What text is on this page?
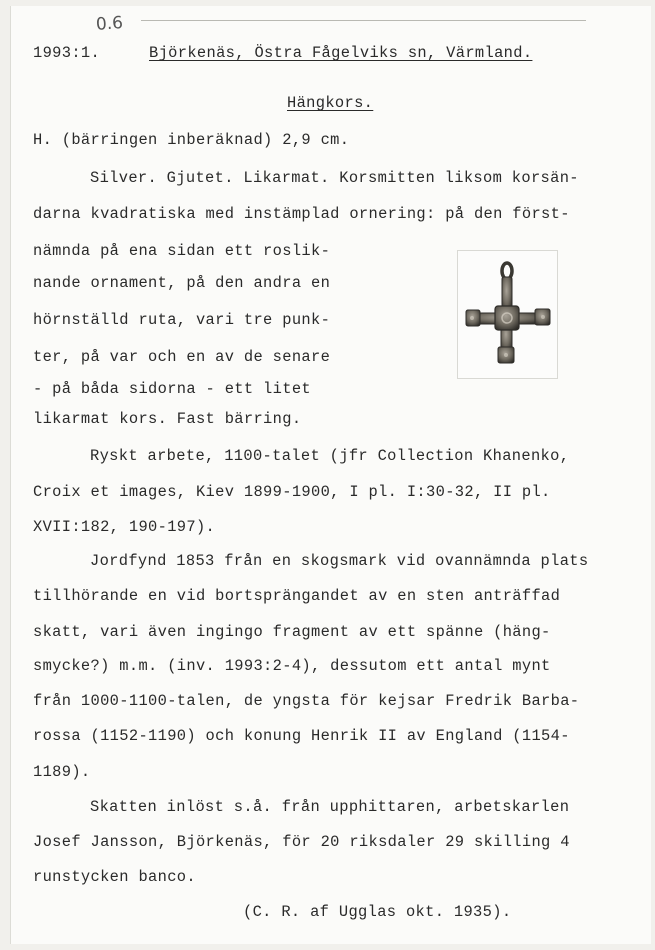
0.6
1993:1.	Björkenäs, Östra Fågelviks sn, Värmland.
Hängkors.
H. (bärringen inberäknad) 2,9 cm.
Silver. Gjutet. Likarmat. Korsmitten liksom korsän-
darna kvadratiska med instämplad ornering: på den först-
nämnda på ena sidan ett roslik-
nande ornament, på den andra en
hörnställd ruta, vari tre punk-
ter, på var och en av de senare
- på båda sidorna - ett litet
likarmat kors. Fast bärring.
Ryskt arbete, 1100-talet (jfr Collection Khanenko,
Croix et images, Kiev 1899-1900, I pl. I:30-32, II pl.
XVII:182, 190-197).
Jordfynd 1853 från en skogsmark vid ovannämnda plats
tillhörande en vid bortsprängandet av en sten anträffad
skatt, vari även ingingo fragment av ett spänne (häng-
smycke?) m.m. (inv. 1993:2-4), dessutom ett antal mynt
från 1000-1100-talen, de yngsta för kejsar Fredrik Barba-
rossa (1152-1190) och konung Henrik II av England (1154-
1189).
Skatten inlöst s.å. från upphittaren, arbetskarlen
Josef Jansson, Björkenäs, för 20 riksdaler 29 skilling 4
runstycken banco.
(C. R. af Ugglas okt. 1935).
